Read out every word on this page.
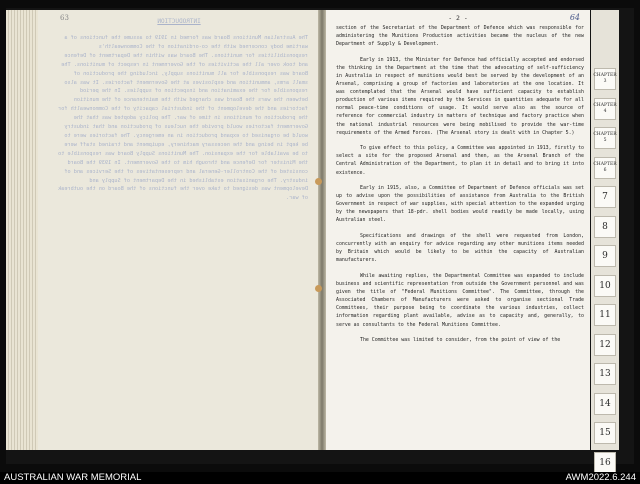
INTRODUCTION
The Australian Munitions Board was formed in 1919 to assume the functions of a wartime body concerned with the co-ordination of the Commonwealth's responsibilities for munitions. The Board was within the Department of Defence and took over all the activities of the Government in respect of munitions. The Board was responsible for all munitions supply, including the production of small arms, ammunition and explosives at the Government factories. It was also responsible for the examination and inspection of supplies. In the period between the wars the Board was charged with the maintenance of the munition factories and the development of the industrial capacity of the Commonwealth for the production of munitions in time of war. The policy adopted was that the Government factories would provide the nucleus of production and that industry would be organised to expand production in an emergency. The factories were to be kept in being and the necessary machinery, equipment and trained staff were to be available for the expansion. The Munitions Supply Board was responsible to the Minister for Defence and through him to the Government. In 1939 the Board consisted of the Controller-General and representatives of the Services and of industry. The organisation established in the Department of Supply and Development was designed to take over the functions of the Board on the outbreak of war.
63	- 2 -	64

section of the Secretariat of the Department of Defence which was responsible for administering the Munitions Production activities became the nucleus of the new Department of Supply & Development.

Early in 1913, the Minister for Defence had officially accepted and endorsed the thinking in the Department at the time that the advocating of self-sufficiency in Australia in respect of munitions would best be served by the development of an Arsenal, comprising a group of factories and laboratories at the one location. It was contemplated that the Arsenal would have sufficient capacity to establish production of various items required by the Services in quantities adequate for all normal peace-time conditions of usage. It would serve also as the source of reference for commercial industry in matters of technique and factory practice when the national industrial resources were being mobilised to provide the war-time requirements of the Armed Forces. (The Arsenal story is dealt with in Chapter 5.)

To give effect to this policy, a Committee was appointed in 1913, firstly to select a site for the proposed Arsenal and then, as the Arsenal Branch of the Central Administration of the Department, to plan it in detail and to bring it into existence.

Early in 1915, also, a Committee of Department of Defence officials was set up to advise upon the possibilities of assistance from Australia to the British Government in respect of war supplies, with special attention to the expanded urging by the newspapers that 18-pdr. shell bodies would readily be made locally, using Australian steel.

Specifications and drawings of the shell were requested from London, concurrently with an enquiry for advice regarding any other munitions items needed by Britain which would be likely to be within the capacity of Australian manufacturers.

While awaiting replies, the Departmental Committee was expanded to include business and scientific representation from outside the Government personnel and was given the title of "Federal Munitions Committee". The Committee, through the Associated Chambers of Manufacturers were asked to organise sectional Trade Committees, their purpose being to coordinate the various industries, collect information regarding plant available, advise as to capacity and, generally, to serve as consultants to the Federal Munitions Committee.

The Committee was limited to consider, from the point of view of the

CHAPTER
3
CHAPTER
4
CHAPTER
5
CHAPTER
6
7
8
9
10
11
12
13
14
15
16
AUSTRALIAN WAR MEMORIAL	AWM2022.6.244
